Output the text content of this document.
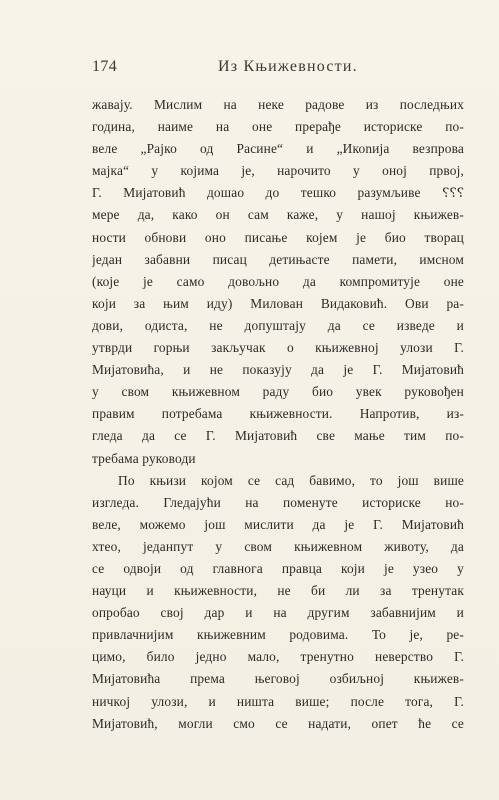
174	Из Књижевности.
жавају. Мислим на неке радове из последњих
година, наиме на оне прерађе историске по-
веле „Рајко од Расине“ и „Икоnија везпрова
мајка“ у којима је, нарочито у оној првој,
Г. Мијатовић дошао до тешко разумљиве ⸮⸮⸮
мере да, како он сам каже, у нашој књижев-
ности обнови оно писање којем је био творац
један забавни писац детињасте памети, имсном
(које је само довољно да компромитује оне
који за њим иду) Милован Видаковић. Ови ра-
дови, одиста, не допуштају да се изведе и
утврди горњи закључак о књижевној улози Г.
Мијатовића, и не показују да је Г. Мијатовић
у свом књижевном раду био увек руковођен
правим потребама књижевности. Напротив, из-
гледа да се Г. Мијатовић све мање тим по-
требама руководи
По књизи којом се сад бавимо, то још више
изгледа. Гледајући на поменуте историске но-
веле, можемо још мислити да је Г. Мијатовић
хтео, једанпут у свом књижевном животу, да
се одвоји од главнога правца који је узео у
науци и књижевности, не би ли за тренутак
опробао свој дар и на другим забавнијим и
привлачнијим књижевним родовима. То је, ре-
цимо, било једно мало, тренутно неверство Г.
Мијатовића према његовој озбиљној књижев-
ничкој улози, и ништа више; после тога, Г.
Мијатовић, могли смо се надати, опет ће се
